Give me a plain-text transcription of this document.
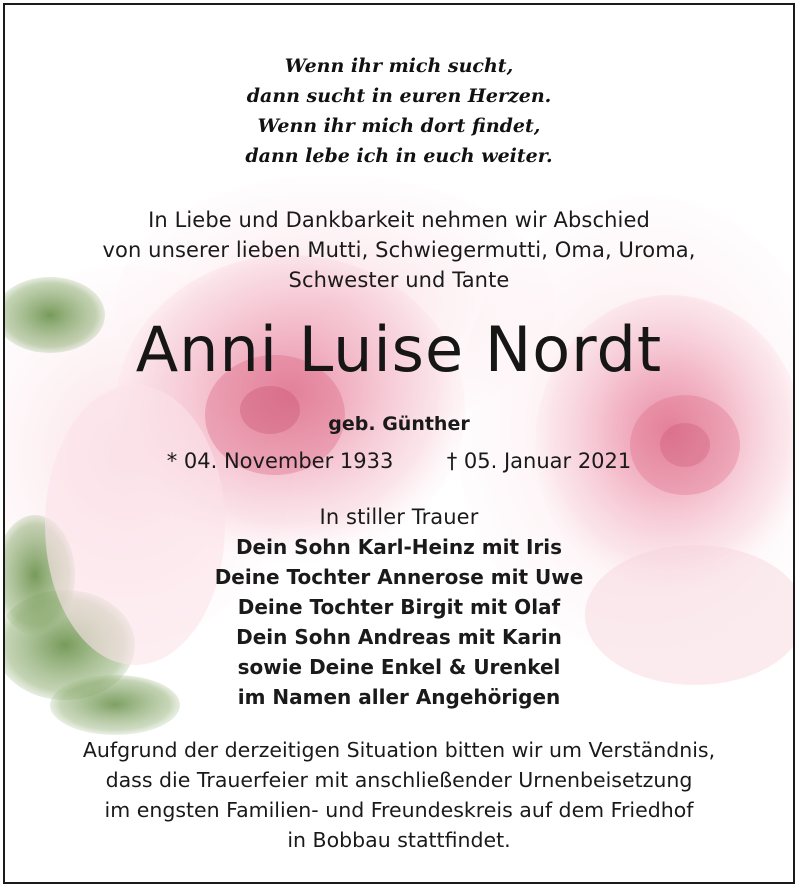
Wenn ihr mich sucht,
dann sucht in euren Herzen.
Wenn ihr mich dort findet,
dann lebe ich in euch weiter.
In Liebe und Dankbarkeit nehmen wir Abschied
von unserer lieben Mutti, Schwiegermutti, Oma, Uroma,
Schwester und Tante
Anni Luise Nordt
geb. Günther
* 04. November 1933	† 05. Januar 2021
In stiller Trauer
Dein Sohn Karl-Heinz mit Iris
Deine Tochter Annerose mit Uwe
Deine Tochter Birgit mit Olaf
Dein Sohn Andreas mit Karin
sowie Deine Enkel & Urenkel
im Namen aller Angehörigen
Aufgrund der derzeitigen Situation bitten wir um Verständnis,
dass die Trauerfeier mit anschließender Urnenbeisetzung
im engsten Familien- und Freundeskreis auf dem Friedhof
in Bobbau stattfindet.
